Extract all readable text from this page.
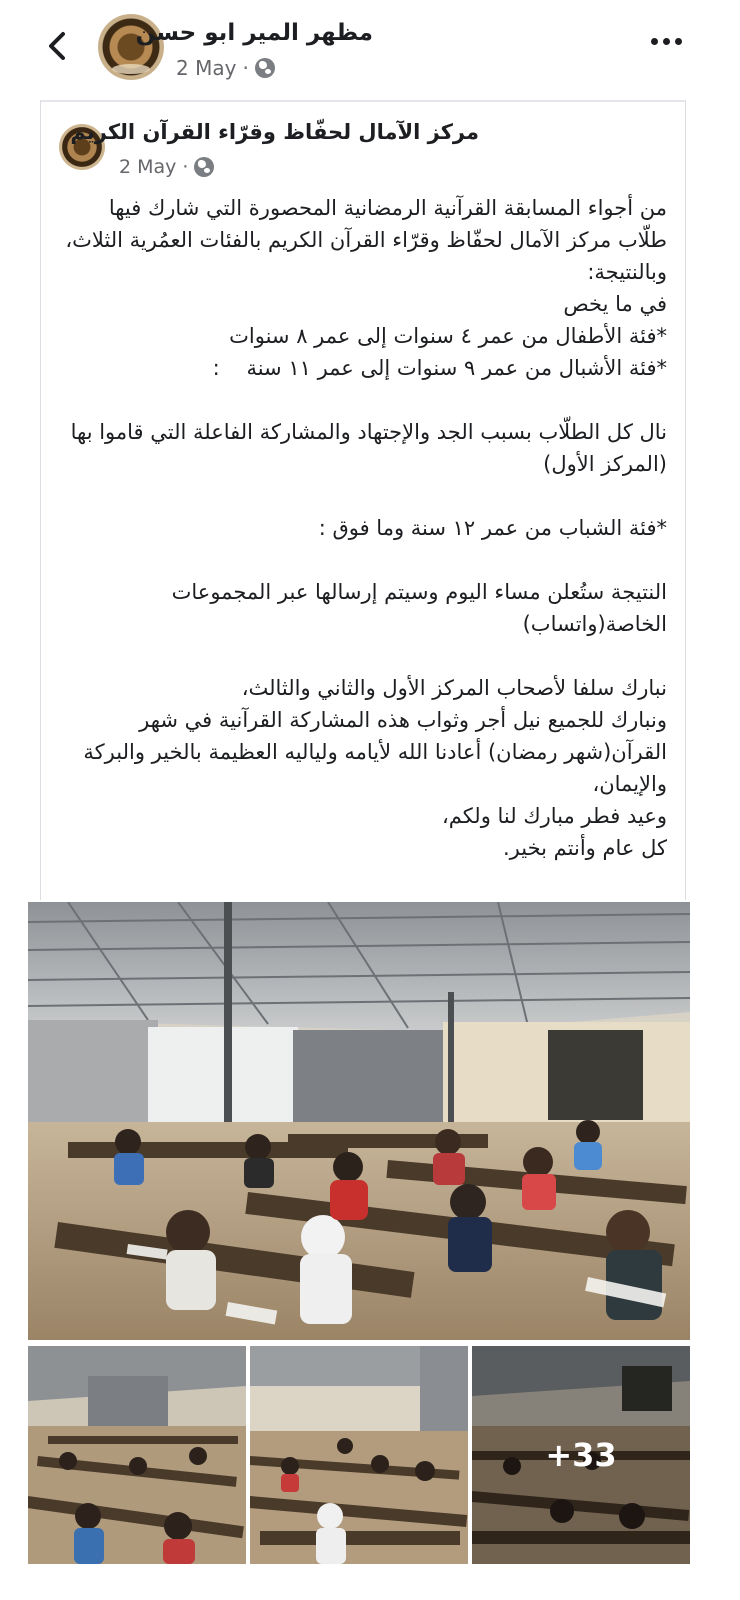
مظهر المير ابو حسن
2 May ·
مركز الآمال لحفّاظ وقرّاء القرآن الكريم
2 May ·
من أجواء المسابقة القرآنية الرمضانية المحصورة التي شارك فيها طلّاب مركز الآمال لحفّاظ وقرّاء القرآن الكريم بالفئات العمُرية الثلاث،
وبالنتيجة:
في ما يخص
*فئة الأطفال من عمر ٤ سنوات إلى عمر ٨ سنوات
*فئة الأشبال من عمر ٩ سنوات إلى عمر ١١ سنة    :

نال كل الطلّاب بسبب الجد والإجتهاد والمشاركة الفاعلة التي قاموا بها (المركز الأول)

*فئة الشباب من عمر ١٢ سنة وما فوق :

النتيجة ستُعلن مساء اليوم وسيتم إرسالها عبر المجموعات الخاصة(واتساب)

نبارك سلفا لأصحاب المركز الأول والثاني والثالث،
ونبارك للجميع نيل أجر وثواب هذه المشاركة القرآنية في شهر القرآن(شهر رمضان) أعادنا الله لأيامه ولياليه العظيمة بالخير والبركة والإيمان،
وعيد فطر مبارك لنا ولكم،
كل عام وأنتم بخير.
+33
